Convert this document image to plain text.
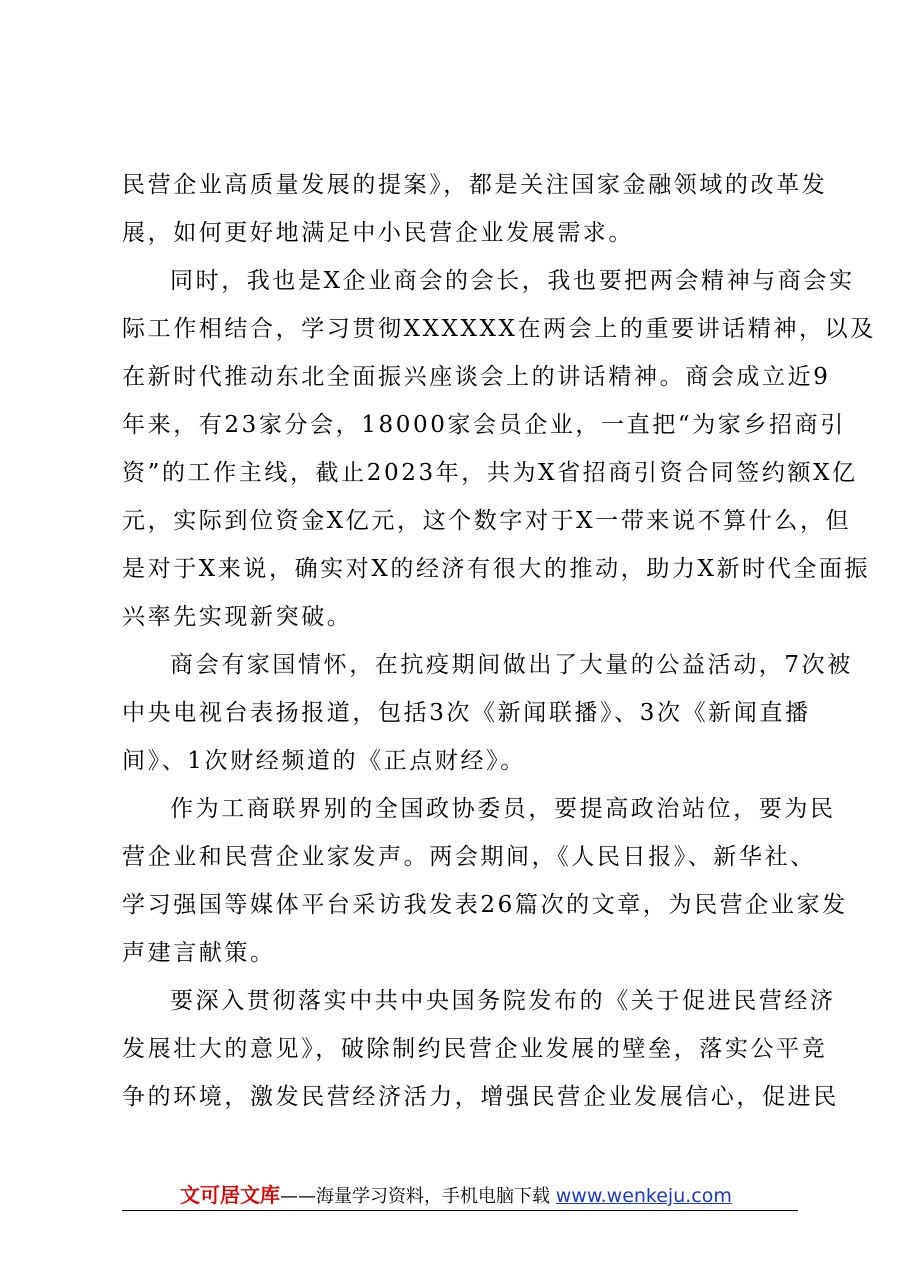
民营企业高质量发展的提案》，都是关注国家金融领域的改革发
展，如何更好地满足中小民营企业发展需求。
同时，我也是X企业商会的会长，我也要把两会精神与商会实
际工作相结合，学习贯彻XXXXXX在两会上的重要讲话精神，以及
在新时代推动东北全面振兴座谈会上的讲话精神。商会成立近9
年来，有23家分会，18000家会员企业，一直把“为家乡招商引
资”的工作主线，截止2023年，共为X省招商引资合同签约额X亿
元，实际到位资金X亿元，这个数字对于X一带来说不算什么，但
是对于X来说，确实对X的经济有很大的推动，助力X新时代全面振
兴率先实现新突破。
商会有家国情怀，在抗疫期间做出了大量的公益活动，7次被
中央电视台表扬报道，包括3次《新闻联播》、3次《新闻直播
间》、1次财经频道的《正点财经》。
作为工商联界别的全国政协委员，要提高政治站位，要为民
营企业和民营企业家发声。两会期间，《人民日报》、新华社、
学习强国等媒体平台采访我发表26篇次的文章，为民营企业家发
声建言献策。
要深入贯彻落实中共中央国务院发布的《关于促进民营经济
发展壮大的意见》，破除制约民营企业发展的壁垒，落实公平竞
争的环境，激发民营经济活力，增强民营企业发展信心，促进民
文可居文库——海量学习资料，手机电脑下载 www.wenkeju.com
